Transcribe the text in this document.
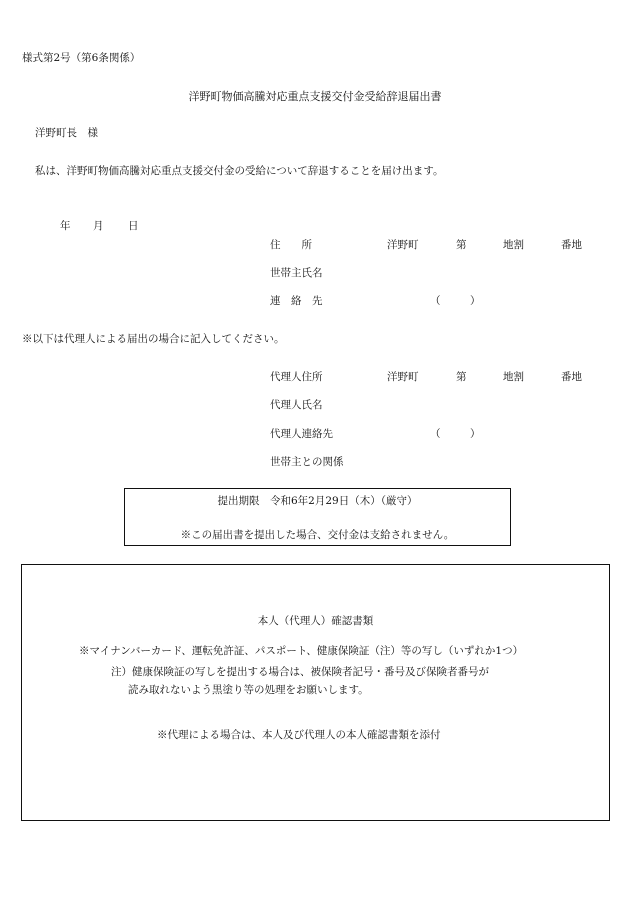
様式第2号（第6条関係）
洋野町物価高騰対応重点支援交付金受給辞退届出書
洋野町長　様
私は、洋野町物価高騰対応重点支援交付金の受給について辞退することを届け出ます。
年 月 日
住　　所	洋野町	第	地割	番地
世帯主氏名
連　絡　先	（	）
※以下は代理人による届出の場合に記入してください。
代理人住所	洋野町	第	地割	番地
代理人氏名
代理人連絡先	（	）
世帯主との関係
提出期限　令和6年2月29日（木）（厳守）
※この届出書を提出した場合、交付金は支給されません。
本人（代理人）確認書類
※マイナンバーカード、運転免許証、パスポート、健康保険証（注）等の写し（いずれか1つ）
注）健康保険証の写しを提出する場合は、被保険者記号・番号及び保険者番号が
読み取れないよう黒塗り等の処理をお願いします。
※代理による場合は、本人及び代理人の本人確認書類を添付
